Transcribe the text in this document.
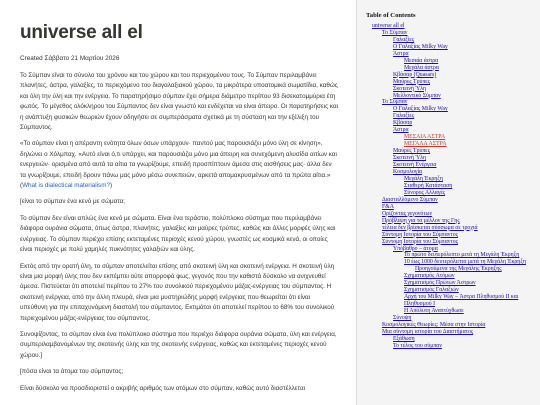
universe all el
Created Σάββατο 21 Μαρτίου 2026
Το Σύμπαν είναι το σύνολο του χρόνου και του χώρου και του περιεχομένου τους. Το Σύμπαν περιλαμβάνει πλανήτες, άστρα, γαλαξίες, το περιεχόμενο του διαγαλαξιακού χώρου, τα μικρότερα υποατομικά σωματίδια, καθώς και όλη την ύλη και την ενέργεια. Το παρατηρήσιμο σύμπαν έχει σήμερα διάμετρο περίπου 93 δισεκατομμύρια έτη φωτός. Το μέγεθος ολόκληρου του Σύμπαντος δεν είναι γνωστό και ενδέχεται να είναι άπειρο. Οι παρατηρήσεις και η ανάπτυξη φυσικών θεωριών έχουν οδηγήσει σε συμπεράσματα σχετικά με τη σύσταση και την εξέλιξη του Σύμπαντος.
«Το σύμπαν είναι η απέραντη ενότητα όλων όσων υπάρχουν· παντού μας παρουσιάζει μόνο ύλη σε κίνηση», δηλώνει ο Χόλμπαχ. «Αυτό είναι ό,τι υπάρχει, και παρουσιάζει μόνο μια άπειρη και συνεχόμενη αλυσίδα αιτίων και ενεργειών· ορισμένα από αυτά τα αίτια τα γνωρίζουμε, επειδή προσπίπτουν άμεσα στις αισθήσεις μας· άλλα δεν τα γνωρίζουμε, επειδή δρουν πάνω μας μόνο μέσω συνεπειών, αρκετά απομακρυσμένων από τα πρώτα αίτια.» (What is dialectical materialism?)
[είναι το σύμπαν ένα κενό με σώματα;
Το σύμπαν δεν είναι απλώς ένα κενό με σώματα. Είναι ένα τεράστιο, πολύπλοκο σύστημα που περιλαμβάνει διάφορα ουράνια σώματα, όπως άστρα, πλανήτες, γαλαξίες και μαύρες τρύπες, καθώς και άλλες μορφές ύλης και ενέργειας. Το σύμπαν περιέχει επίσης εκτεταμένες περιοχές κενού χώρου, γνωστές ως κοσμικά κενά, οι οποίες είναι περιοχές με πολύ χαμηλές πυκνότητες γαλαξιών και ύλης.
Εκτός από την ορατή ύλη, το σύμπαν αποτελείται επίσης από σκοτεινή ύλη και σκοτεινή ενέργεια. Η σκοτεινή ύλη είναι μια μορφή ύλης που δεν εκπέμπει ούτε απορροφά φως, γεγονός που την καθιστά δύσκολο να ανιχνευθεί άμεσα. Πιστεύεται ότι αποτελεί περίπου το 27% του συνολικού περιεχομένου μάζας-ενέργειας του σύμπαντος. Η σκοτεινή ενέργεια, από την άλλη πλευρά, είναι μια μυστηριώδης μορφή ενέργειας που θεωρείται ότι είναι υπεύθυνη για την επιταχυνόμενη διαστολή του σύμπαντος. Εκτιμάται ότι αποτελεί περίπου το 68% του συνολικού περιεχομένου μάζας-ενέργειας του σύμπαντος.
Συνοψίζοντας, το σύμπαν είναι ένα πολύπλοκο σύστημα που περιέχει διάφορα ουράνια σώματα, ύλη και ενέργεια, συμπεριλαμβανομένων της σκοτεινής ύλης και της σκοτεινής ενέργειας, καθώς και εκτεταμένες περιοχές κενού χώρου.]
[πόσα είναι τα άτομα του σύμπαντος;
Είναι δύσκολο να προσδιοριστεί ο ακριβής αριθμός των ατόμων στο σύμπαν, καθώς αυτό διαστέλλεται
Table of Contents
universe all el
Το Σύμπαν
Γαλαξίες
Ο Γαλαξίας Milky Way
Άστρα
Μεσαία άστρα
Μεγάλα άστρα
Κβάσαρ (Quasars)
Μαύρες Τρύπες
Σκοτεινή Ύλη
Μελλοντικό Σύμπαν
Το Σύμπαν
Ο Γαλαξίας Milky Way
Γαλαξίες
Κβάσαρ
Άστρα
ΜΕΣΑΙΑ ΑΣΤΡΑ
ΜΕΓΑΛΑ ΑΣΤΡΑ
Μαύρες Τρύπες
Σκοτεινή Ύλη
Σκοτεινή Ενέργεια
Κοσμολογία
Μεγάλη Έκρηξη
Σταθερή Κατάσταση
Σύνορος Αλλαγές
Διασταλλόμενο Σύμπαν
F&A
Ορίζοντας γεγονότων
Πρόβλεψη για τα μέλλον της Γης
τέλεια δεν βρίσκεται σύσσωμα σε τροχιά
Σύντομη Ιστορία του Σύμπαντος
Σύντομη Ιστορία του Σύμπαντος
Υπόβαθρο – άτομα
Το πρώτο δευτερόλεπτο μετά τη Μεγάλη Έκρηξη
10 έως 1000 δευτερόλεπτα μετά τη Μεγάλη Έκρηξη
Προηγούμενα της Μεγάλης Έκρηξης
Σχηματισμός Ατόμων
Σχηματισμός Πρώτων Άστρων
Σχηματισμός Γαλαξιών
Αρχή του Milky Way – Άστρα Πληθυσμού ΙΙ και Πληθυσμού Ι
Η Απόλυτη Αναπτύχθωσε
Σύνοψη
Κοσμολογικές Θεωρίες: Μέσα στην Ιστορία
Μια σύντομη ιστορία του Διαστήματος
Εξάθωση
Το τέλος του σύμπαν
